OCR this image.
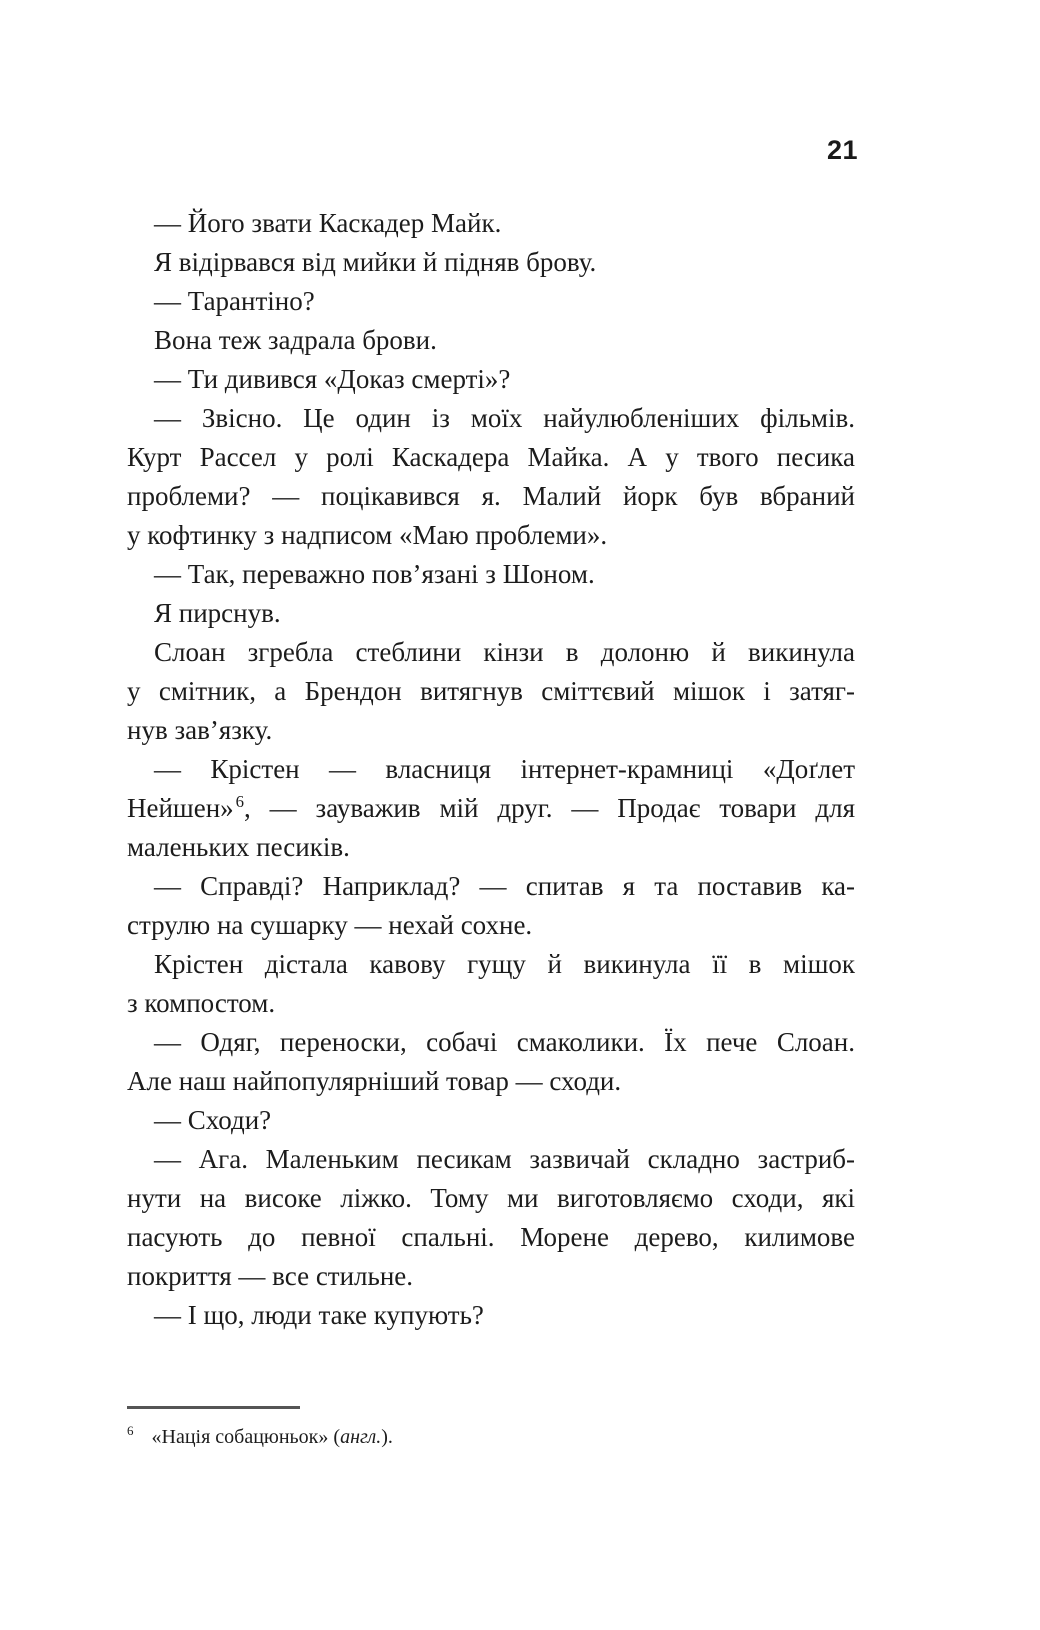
21

— Його звати Каскадер Майк.

Я відірвався від мийки й підняв брову.

— Тарантіно?

Вона теж задрала брови.

— Ти дивився «Доказ смерті»?

— Звісно. Це один із моїх найулюбленіших фільмів.
Курт Рассел у ролі Каскадера Майка. А у твого песика
проблеми? — поцікавився я. Малий йорк був вбраний
у кофтинку з надписом «Маю проблеми».

— Так, переважно пов’язані з Шоном.

Я пирснув.

Слоан згребла стеблини кінзи в долоню й викинула
у смітник, а Брендон витягнув сміттєвий мішок і затяг-
нув зав’язку.

— Крістен — власниця інтернет-крамниці «Доґлет
Нейшен» $^6$, — зауважив мій друг. — Продає товари для
маленьких песиків.

— Справді? Наприклад? — спитав я та поставив ка-
струлю на сушарку — нехай сохне.

Крістен дістала кавову гущу й викинула її в мішок
з компостом.

— Одяг, переноски, собачі смаколики. Їх пече Слоан.
Але наш найпопулярніший товар — сходи.

— Сходи?

— Ага. Маленьким песикам зазвичай складно застриб-
нути на високе ліжко. Тому ми виготовляємо сходи, які
пасують до певної спальні. Морене дерево, килимове
покриття — все стильне.

— І що, люди таке купують?

6 «Нація собацюньок» (англ.).
